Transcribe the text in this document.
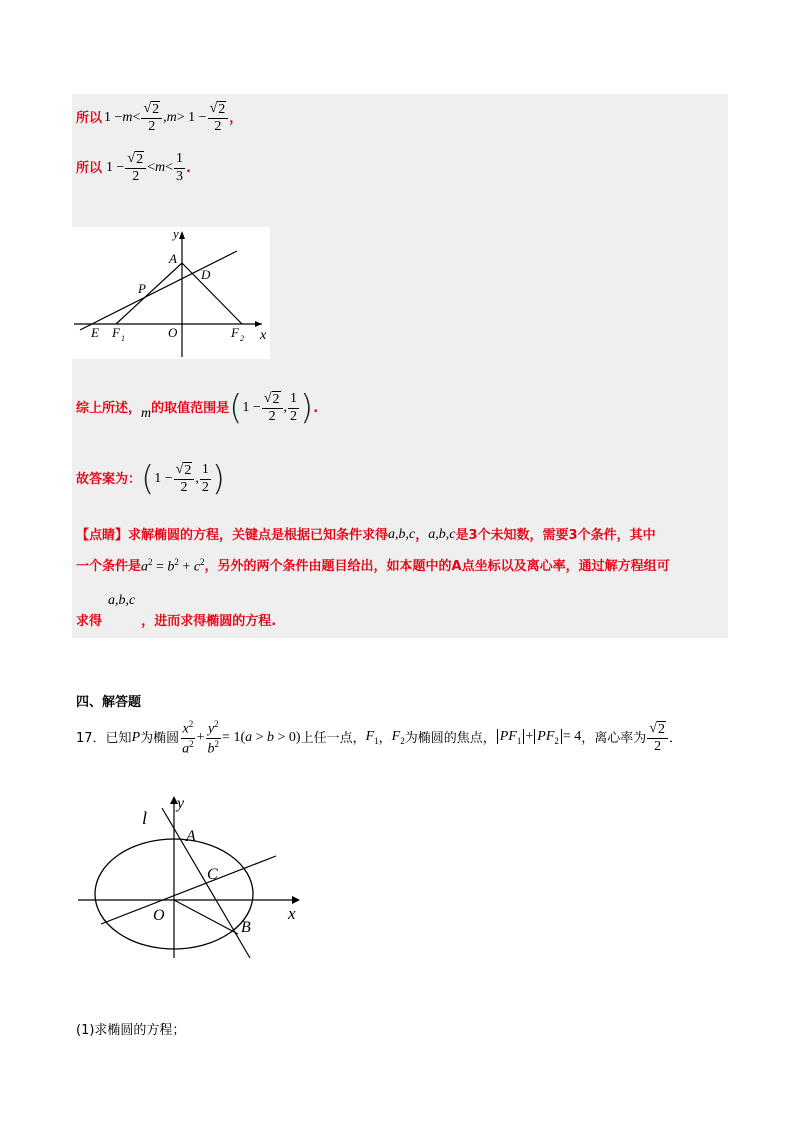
所以 $1 - m < \frac{√ 2}{2}$ , $m > 1 - \frac{√ 2}{2}$ ，
所以 $1 - \frac{√ 2}{2} < m < \frac{1}{3}$ .
y
x
A
D
P
E F 1	O	F 2
综上所述， m 的取值范围是 ( $1 - \frac{√ 2}{2}$ , $\frac{1}{2}$ ) .
故答案为： ( $1 - \frac{√ 2}{2}$ , $\frac{1}{2}$ )
【点睛】 求解椭圆的方程，关键点是根据已知条件求得 a,b,c ， a,b,c 是3个未知数，需要3个条件，其中
一个条件是 $a^2 = b^2 + c^2$ ，另外的两个条件由题目给出，如本题中的A点坐标以及离心率，通过解方程组可
求得
a,b,c
，进而求得椭圆的方程.
四、解答题
17． 已知 P 为椭圆 $\frac{x^2}{a^2} + \frac{y^2}{b^2} = 1(a > b > 0)$ 上任一点， $F_1$ ， $F_2$ 为椭圆的焦点， $PF_1 + PF_2 = 4$ ，离心率为 $\frac{√ 2}{2}$ ．
l
y
A
C
O
B
x
(1)求椭圆的方程；
